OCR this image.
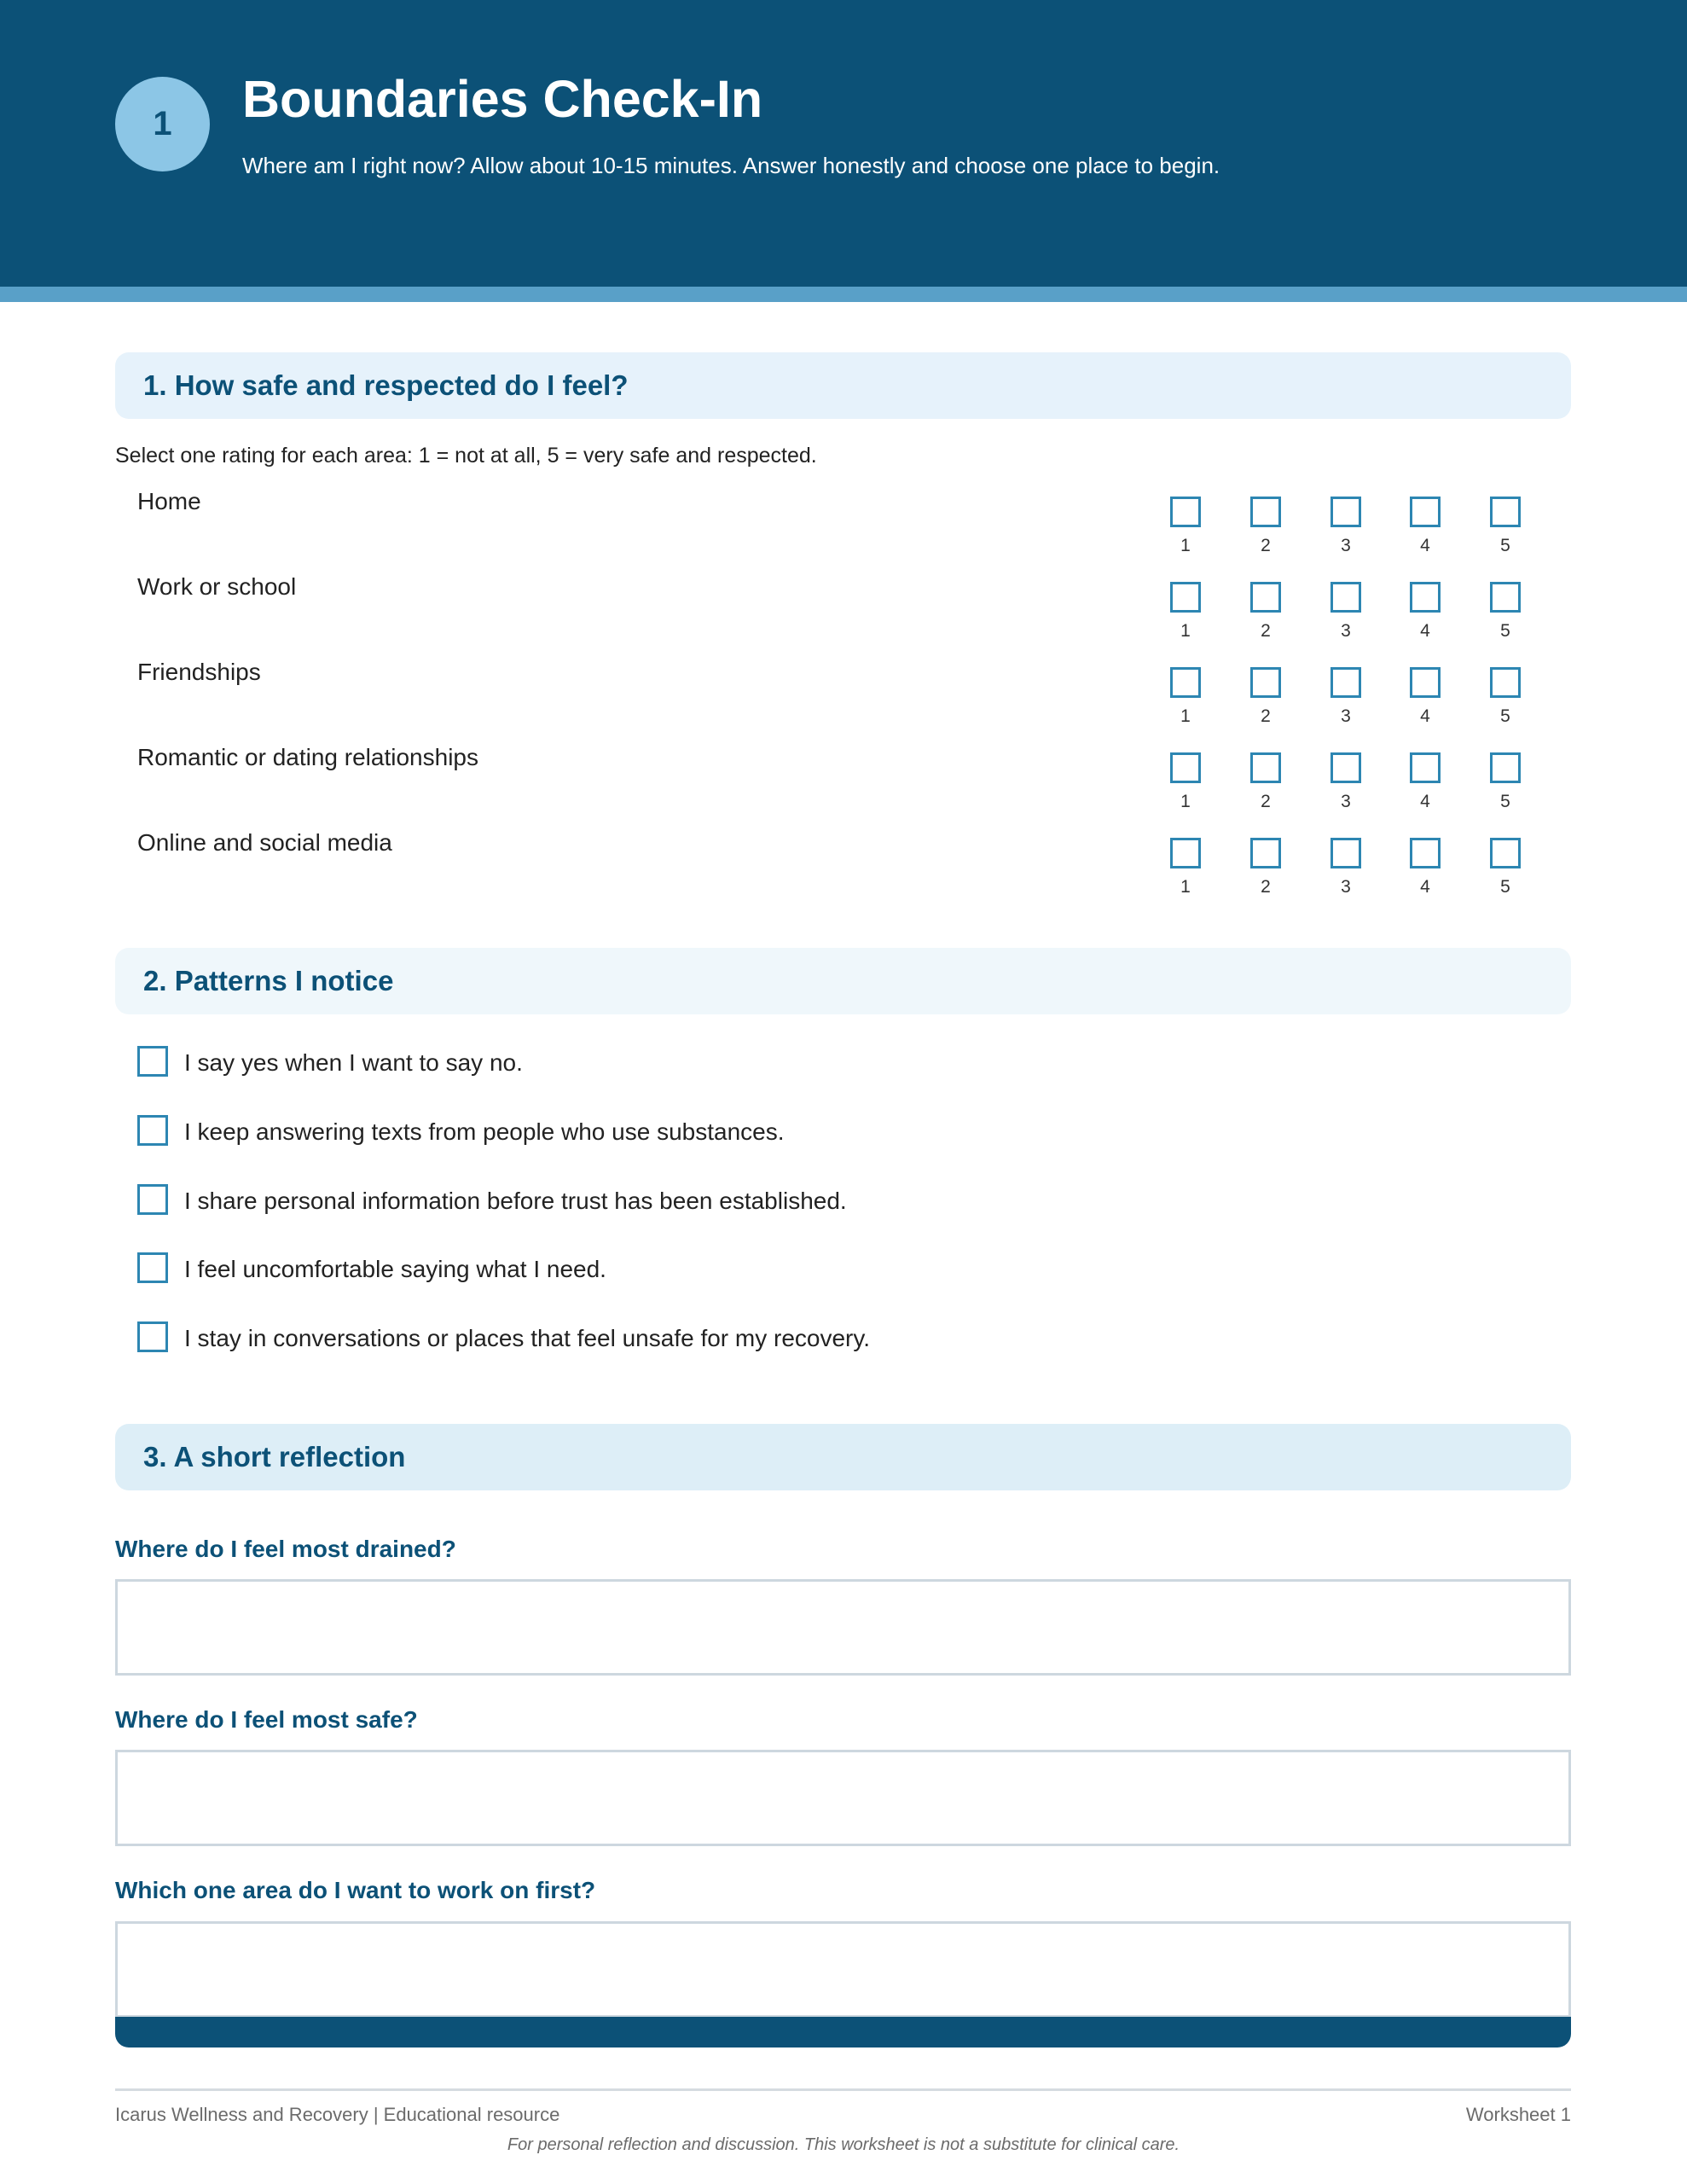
1	Boundaries Check-In
Where am I right now? Allow about 10-15 minutes. Answer honestly and choose one place to begin.
1. How safe and respected do I feel?
Select one rating for each area: 1 = not at all, 5 = very safe and respected.
Home
1	2	3	4	5
Work or school
1	2	3	4	5
Friendships
1	2	3	4	5
Romantic or dating relationships
1	2	3	4	5
Online and social media
1	2	3	4	5
2. Patterns I notice
I say yes when I want to say no.
I keep answering texts from people who use substances.
I share personal information before trust has been established.
I feel uncomfortable saying what I need.
I stay in conversations or places that feel unsafe for my recovery.
3. A short reflection
Where do I feel most drained?
Where do I feel most safe?
Which one area do I want to work on first?
Icarus Wellness and Recovery | Educational resource	Worksheet 1
For personal reflection and discussion. This worksheet is not a substitute for clinical care.
